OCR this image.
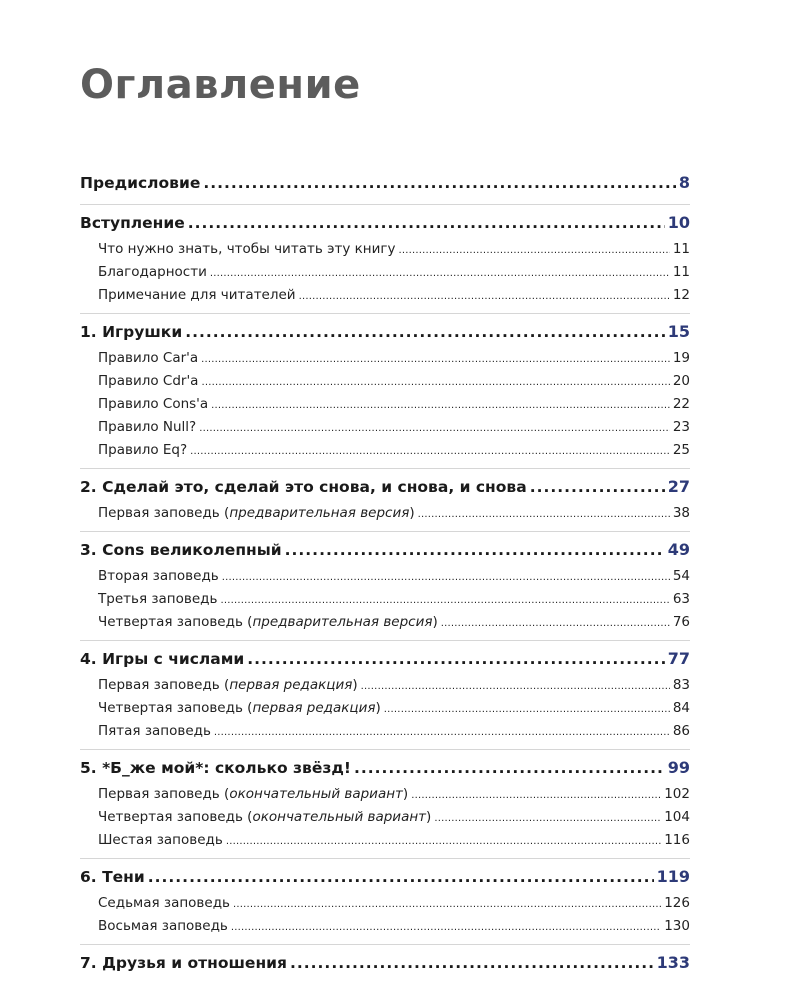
Оглавление
Предисловие .....	8
Вступление .....	10
Что нужно знать, чтобы читать эту книгу .....	11
Благодарности .....	11
Примечание для читателей .....	12
1. Игрушки .....	15
Правило Car'a .....	19
Правило Cdr'a .....	20
Правило Cons'a .....	22
Правило Null? .....	23
Правило Eq? .....	25
2. Сделай это, сделай это снова, и снова, и снова .....	27
Первая заповедь (предварительная версия) .....	38
3. Cons великолепный .....	49
Вторая заповедь .....	54
Третья заповедь .....	63
Четвертая заповедь (предварительная версия) .....	76
4. Игры с числами .....	77
Первая заповедь (первая редакция) .....	83
Четвертая заповедь (первая редакция) .....	84
Пятая заповедь .....	86
5. *Б_же мой*: сколько звёзд! .....	99
Первая заповедь (окончательный вариант) .....	102
Четвертая заповедь (окончательный вариант) .....	104
Шестая заповедь .....	116
6. Тени .....	119
Седьмая заповедь .....	126
Восьмая заповедь .....	130
7. Друзья и отношения .....	133
